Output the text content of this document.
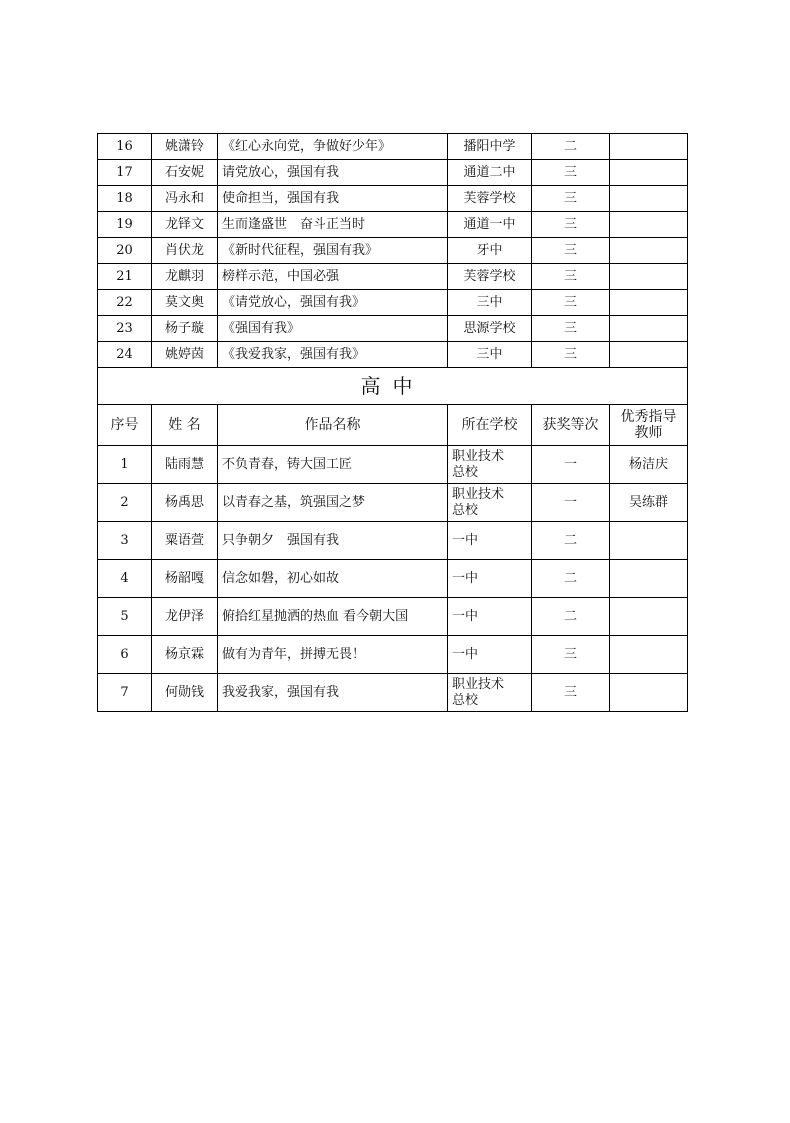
16	姚潇铃	《红心永向党，争做好少年》	播阳中学	二	
17	石安妮	请党放心，强国有我	通道二中	三	
18	冯永和	使命担当，强国有我	芙蓉学校	三	
19	龙铎文	生而逢盛世　奋斗正当时	通道一中	三	
20	肖伏龙	《新时代征程，强国有我》	牙中	三	
21	龙麒羽	榜样示范，中国必强	芙蓉学校	三	
22	莫文奥	《请党放心，强国有我》	三中	三	
23	杨子璇	《强国有我》	思源学校	三	
24	姚婷茵	《我爱我家，强国有我》	三中	三	
高中					
序号	姓 名	作品名称	所在学校	获奖等次	优秀指导
教师
1	陆雨慧	不负青春，铸大国工匠	职业技术
总校	一	杨洁庆
2	杨禹思	以青春之基，筑强国之梦	职业技术
总校	一	吴练群
3	粟语萱	只争朝夕　强国有我	一中	二	
4	杨韶嘎	信念如磐，初心如故	一中	二	
5	龙伊泽	俯拾红星抛洒的热血 看今朝大国	一中	二	
6	杨京霖	做有为青年，拼搏无畏！	一中	三	
7	何勋钱	我爱我家，强国有我	职业技术
总校	三	
